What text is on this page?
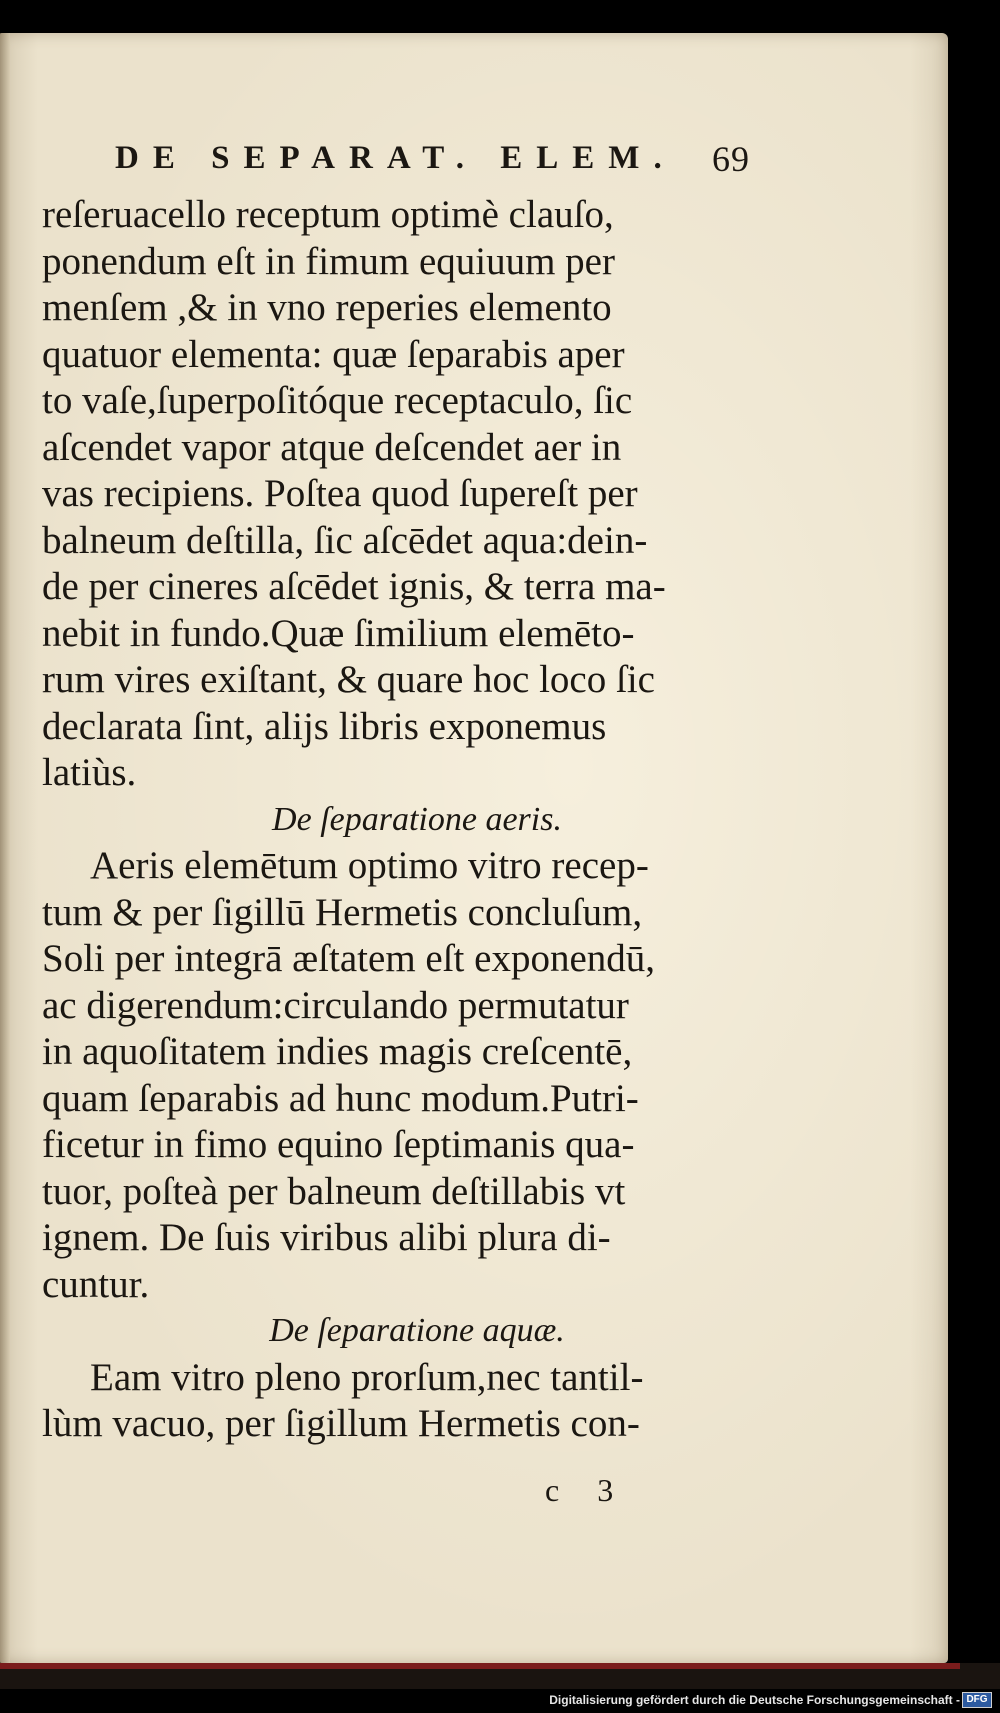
DE SEPARAT. ELEM.	69
reſeruacello receptum optimè clauſo,
ponendum eſt in fimum equiuum per
menſem ,& in vno reperies elemento
quatuor elementa: quæ ſeparabis aper
to vaſe,ſuperpoſitóque receptaculo, ſic
aſcendet vapor atque deſcendet aer in
vas recipiens. Poſtea quod ſupereſt per
balneum deſtilla, ſic aſcēdet aqua:dein-
de per cineres aſcēdet ignis, & terra ma-
nebit in fundo.Quæ ſimilium elemēto-
rum vires exiſtant, & quare hoc loco ſic
declarata ſint, alijs libris exponemus
latiùs.
De ſeparatione aeris.
Aeris elemētum optimo vitro recep-
tum & per ſigillū Hermetis concluſum,
Soli per integrā æſtatem eſt exponendū,
ac digerendum:circulando permutatur
in aquoſitatem indies magis creſcentē,
quam ſeparabis ad hunc modum.Putri-
ficetur in fimo equino ſeptimanis qua-
tuor, poſteà per balneum deſtillabis vt
ignem. De ſuis viribus alibi plura di-
cuntur.
De ſeparatione aquæ.
Eam vitro pleno prorſum,nec tantil-
lùm vacuo, per ſigillum Hermetis con-
c 3
Digitalisierung gefördert durch die Deutsche Forschungsgemeinschaft - DFG
